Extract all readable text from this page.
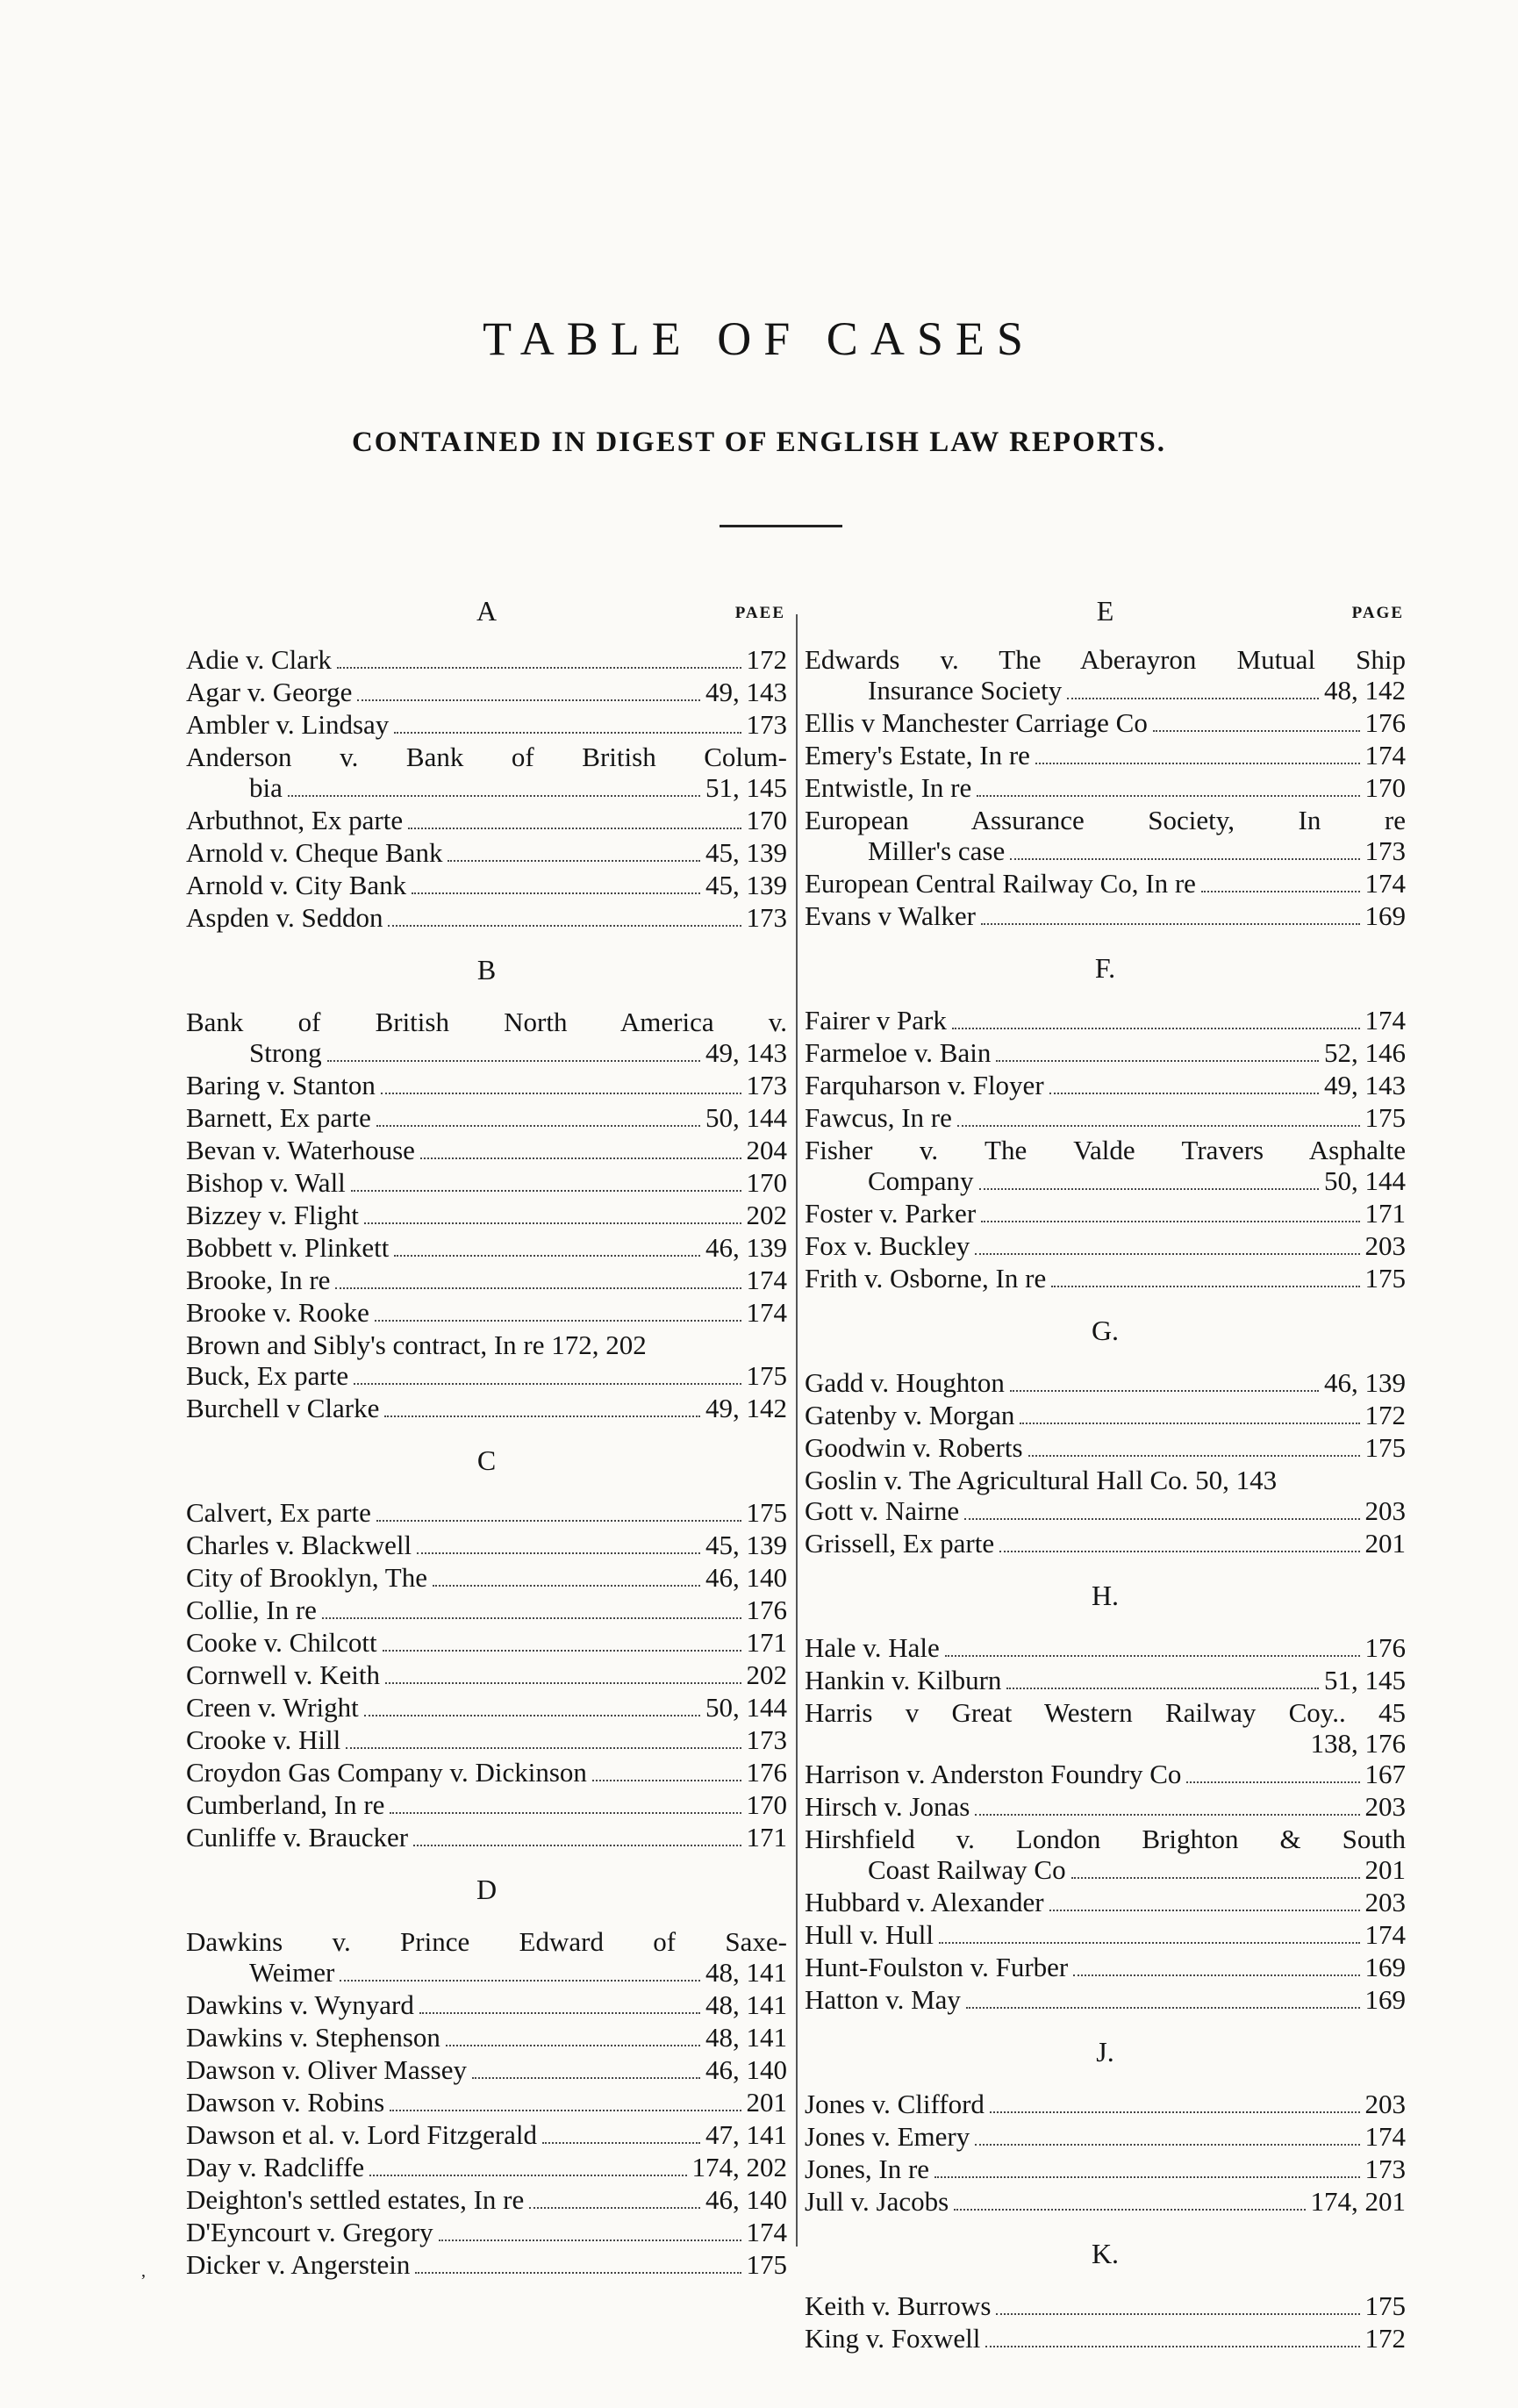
TABLE OF CASES
CONTAINED IN DIGEST OF ENGLISH LAW REPORTS.
A	PAEE
Adie v. Clark	172
Agar v. George	49, 143
Ambler v. Lindsay	173
Anderson v. Bank of British Colum-
bia	51, 145
Arbuthnot, Ex parte	170
Arnold v. Cheque Bank	45, 139
Arnold v. City Bank	45, 139
Aspden v. Seddon	173
B
Bank of British North America v.
Strong	49, 143
Baring v. Stanton	173
Barnett, Ex parte	50, 144
Bevan v. Waterhouse	204
Bishop v. Wall	170
Bizzey v. Flight	202
Bobbett v. Plinkett	46, 139
Brooke, In re	174
Brooke v. Rooke	174
Brown and Sibly's contract, In re 172, 202
Buck, Ex parte	175
Burchell v Clarke	49, 142
C
Calvert, Ex parte	175
Charles v. Blackwell	45, 139
City of Brooklyn, The	46, 140
Collie, In re	176
Cooke v. Chilcott	171
Cornwell v. Keith	202
Creen v. Wright	50, 144
Crooke v. Hill	173
Croydon Gas Company v. Dickinson	176
Cumberland, In re	170
Cunliffe v. Braucker	171
D
Dawkins v. Prince Edward of Saxe-
Weimer	48, 141
Dawkins v. Wynyard	48, 141
Dawkins v. Stephenson	48, 141
Dawson v. Oliver Massey	46, 140
Dawson v. Robins	201
Dawson et al. v. Lord Fitzgerald	47, 141
Day v. Radcliffe	174, 202
Deighton's settled estates, In re	46, 140
D'Eyncourt v. Gregory	174
Dicker v. Angerstein	175
E	PAGE
Edwards v. The Aberayron Mutual Ship
Insurance Society	48, 142
Ellis v Manchester Carriage Co	176
Emery's Estate, In re	174
Entwistle, In re	170
European Assurance Society, In re
Miller's case	173
European Central Railway Co, In re	174
Evans v Walker	169
F.
Fairer v Park	174
Farmeloe v. Bain	52, 146
Farquharson v. Floyer	49, 143
Fawcus, In re	175
Fisher v. The Valde Travers Asphalte
Company	50, 144
Foster v. Parker	171
Fox v. Buckley	203
Frith v. Osborne, In re	175
G.
Gadd v. Houghton	46, 139
Gatenby v. Morgan	172
Goodwin v. Roberts	175
Goslin v. The Agricultural Hall Co. 50, 143
Gott v. Nairne	203
Grissell, Ex parte	201
H.
Hale v. Hale	176
Hankin v. Kilburn	51, 145
Harris v Great Western Railway Coy.. 45
138, 176
Harrison v. Anderston Foundry Co	167
Hirsch v. Jonas	203
Hirshfield v. London Brighton & South
Coast Railway Co	201
Hubbard v. Alexander	203
Hull v. Hull	174
Hunt-Foulston v. Furber	169
Hatton v. May	169
J.
Jones v. Clifford	203
Jones v. Emery	174
Jones, In re	173
Jull v. Jacobs	174, 201
K.
Keith v. Burrows	175
King v. Foxwell	172
’
